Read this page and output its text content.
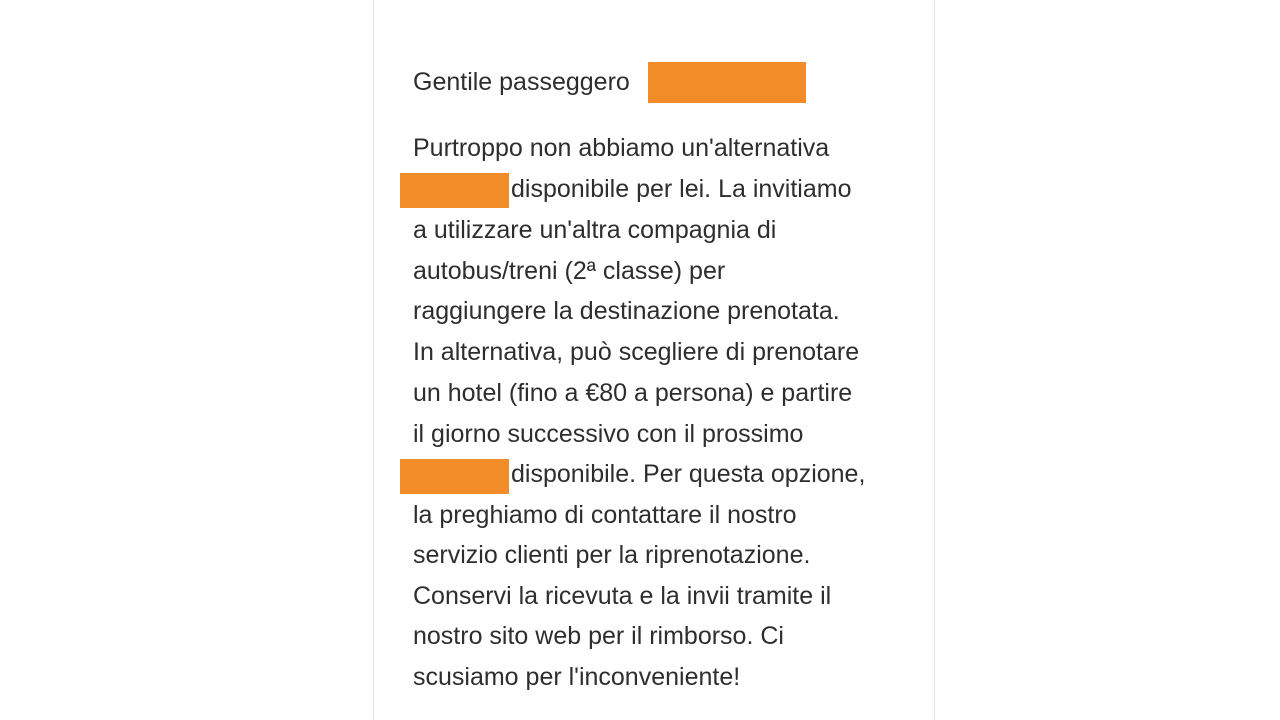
Gentile passeggero
Purtroppo non abbiamo un'alternativa
disponibile per lei. La invitiamo
a utilizzare un'altra compagnia di
autobus/treni (2ª classe) per
raggiungere la destinazione prenotata.
In alternativa, può scegliere di prenotare
un hotel (fino a €80 a persona) e partire
il giorno successivo con il prossimo
disponibile. Per questa opzione,
la preghiamo di contattare il nostro
servizio clienti per la riprenotazione.
Conservi la ricevuta e la invii tramite il
nostro sito web per il rimborso. Ci
scusiamo per l'inconveniente!
